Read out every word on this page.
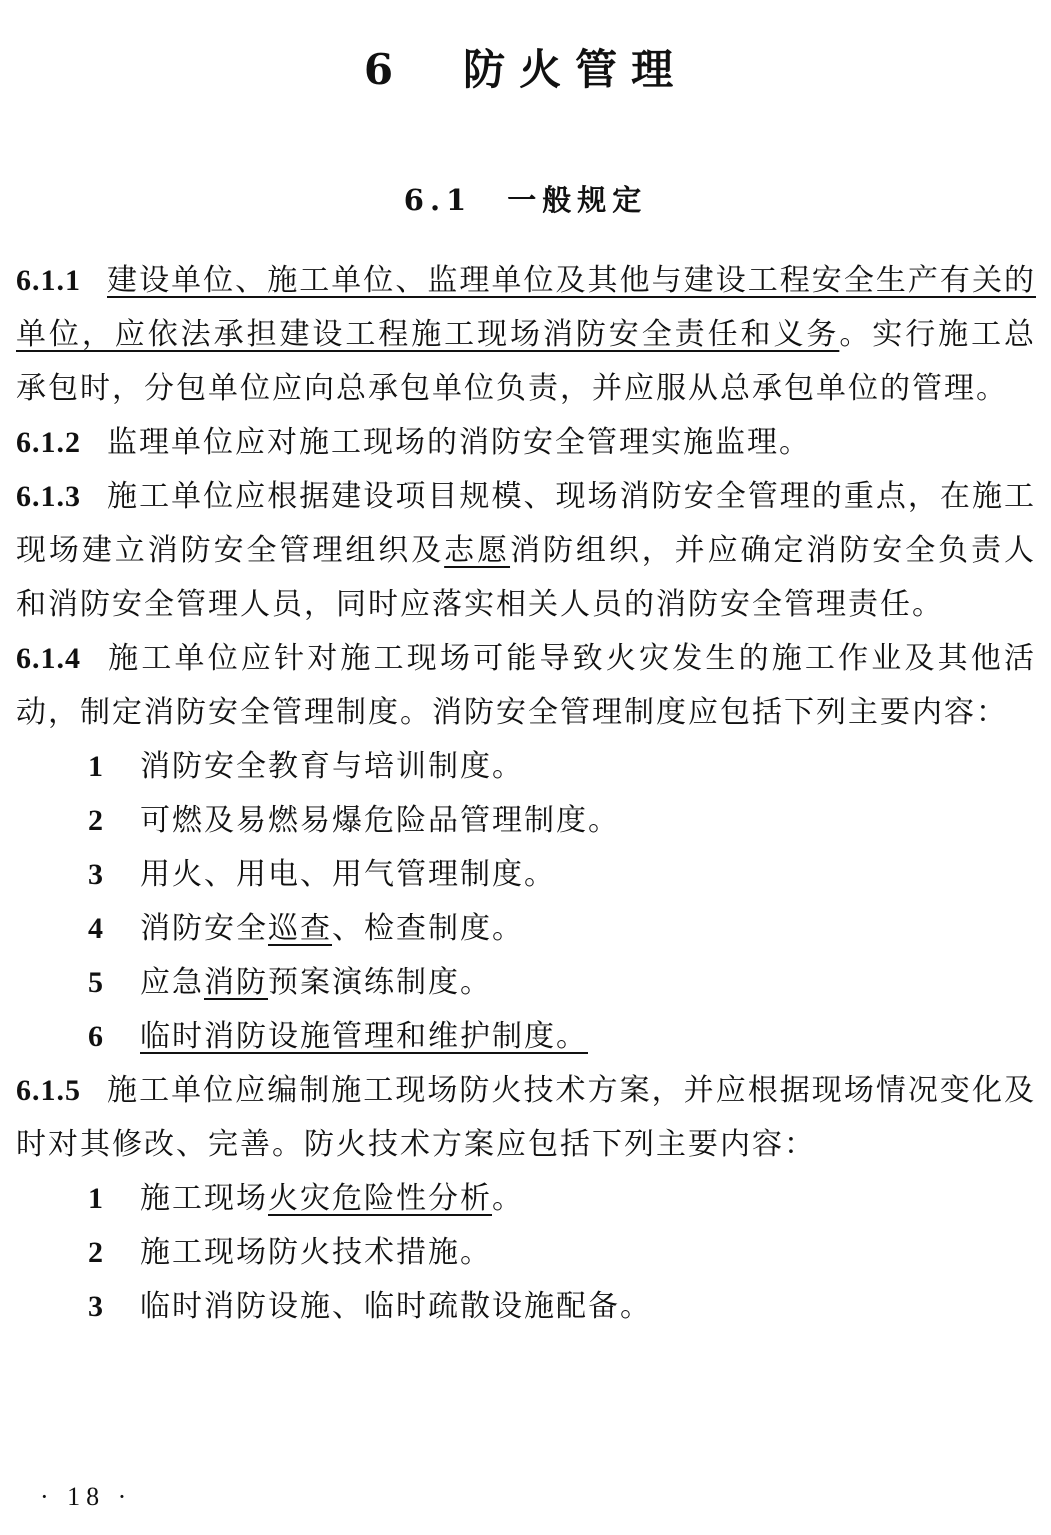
6　防火管理
6.1　一般规定

6.1.1 建设单位、施工单位、监理单位及其他与建设工程安全生产有关的单位，应依法承担建设工程施工现场消防安全责任和义务。实行施工总承包时，分包单位应向总承包单位负责，并应服从总承包单位的管理。

6.1.2 监理单位应对施工现场的消防安全管理实施监理。

6.1.3 施工单位应根据建设项目规模、现场消防安全管理的重点，在施工现场建立消防安全管理组织及志愿消防组织，并应确定消防安全负责人和消防安全管理人员，同时应落实相关人员的消防安全管理责任。

6.1.4 施工单位应针对施工现场可能导致火灾发生的施工作业及其他活动，制定消防安全管理制度。消防安全管理制度应包括下列主要内容：

1 消防安全教育与培训制度。
2 可燃及易燃易爆危险品管理制度。
3 用火、用电、用气管理制度。
4 消防安全巡查、检查制度。
5 应急消防预案演练制度。
6 临时消防设施管理和维护制度。

6.1.5 施工单位应编制施工现场防火技术方案，并应根据现场情况变化及时对其修改、完善。防火技术方案应包括下列主要内容：

1 施工现场火灾危险性分析。
2 施工现场防火技术措施。
3 临时消防设施、临时疏散设施配备。
· 18 ·
